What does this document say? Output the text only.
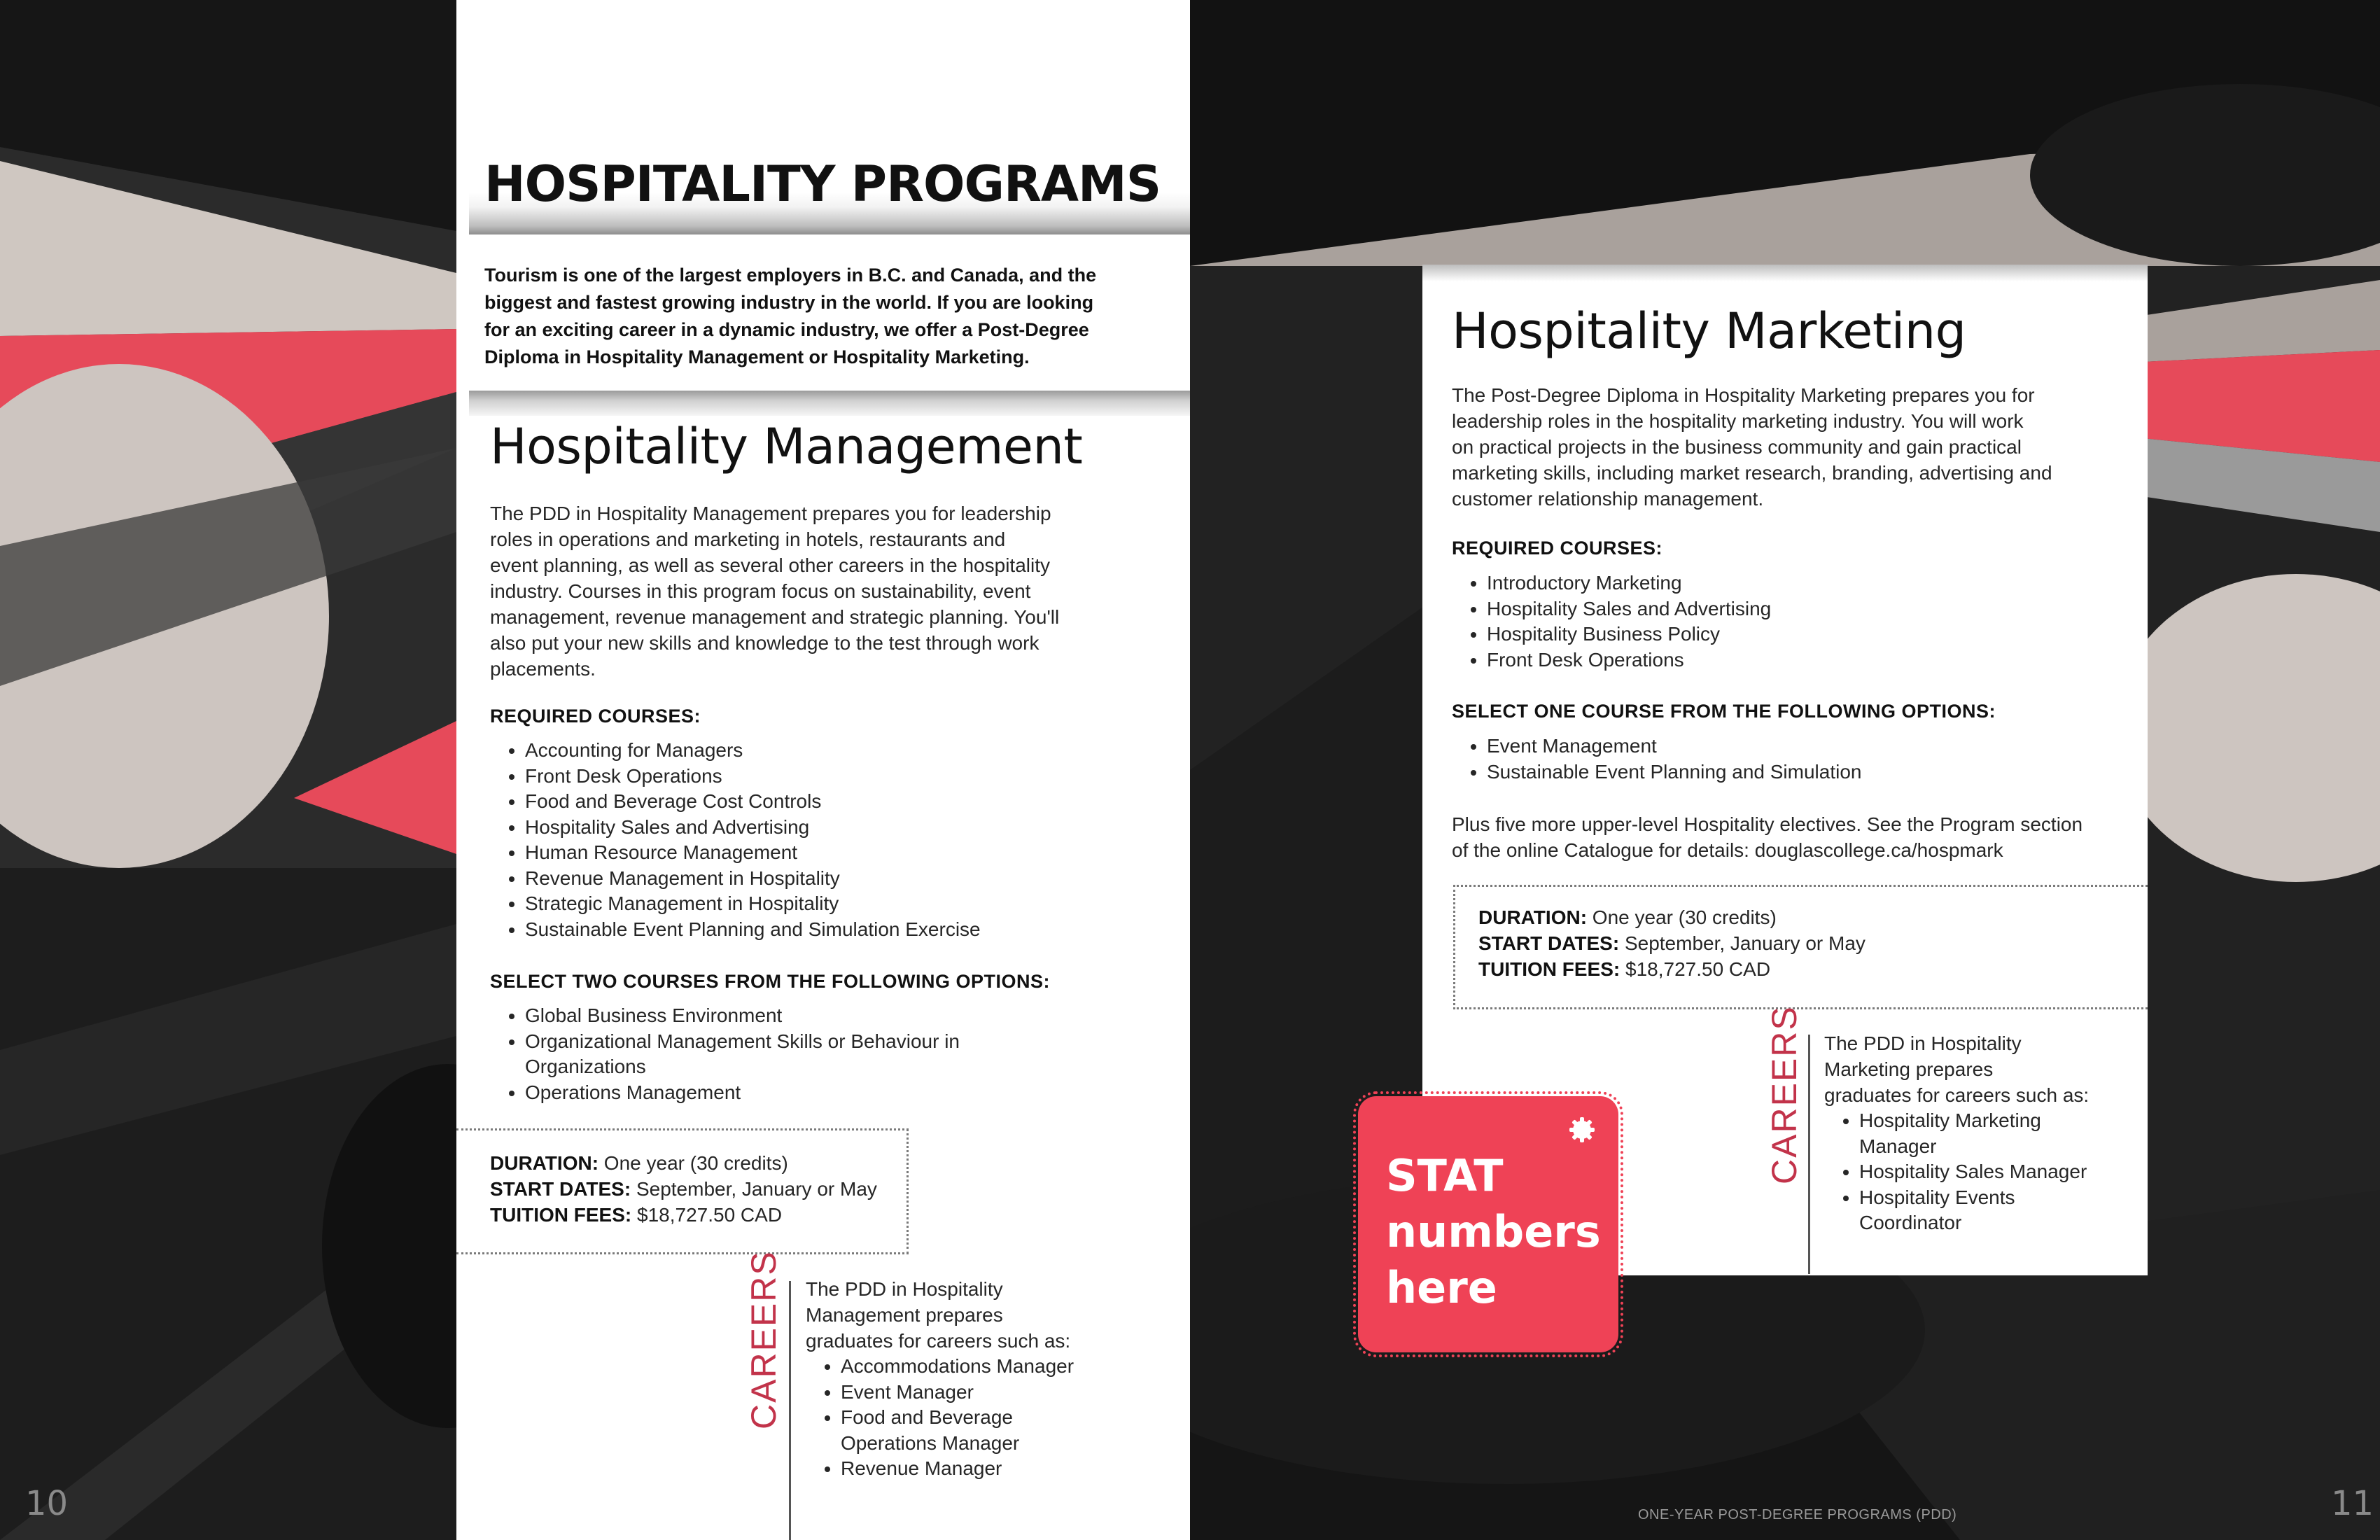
HOSPITALITY PROGRAMS
Tourism is one of the largest employers in B.C. and Canada, and the
biggest and fastest growing industry in the world. If you are looking
for an exciting career in a dynamic industry, we offer a Post-Degree
Diploma in Hospitality Management or Hospitality Marketing.
Hospitality Management
The PDD in Hospitality Management prepares you for leadership
roles in operations and marketing in hotels, restaurants and
event planning, as well as several other careers in the hospitality
industry. Courses in this program focus on sustainability, event
management, revenue management and strategic planning. You'll
also put your new skills and knowledge to the test through work
placements.
REQUIRED COURSES:
• Accounting for Managers
• Front Desk Operations
• Food and Beverage Cost Controls
• Hospitality Sales and Advertising
• Human Resource Management
• Revenue Management in Hospitality
• Strategic Management in Hospitality
• Sustainable Event Planning and Simulation Exercise
SELECT TWO COURSES FROM THE FOLLOWING OPTIONS:
• Global Business Environment
• Organizational Management Skills or Behaviour in Organizations
• Operations Management
DURATION: One year (30 credits)
START DATES: September, January or May
TUITION FEES: $18,727.50 CAD
CAREERS The PDD in Hospitality
Management prepares
graduates for careers such as:
• Accommodations Manager
• Event Manager
• Food and Beverage Operations Manager
• Revenue Manager
10
Hospitality Marketing
The Post-Degree Diploma in Hospitality Marketing prepares you for
leadership roles in the hospitality marketing industry. You will work
on practical projects in the business community and gain practical
marketing skills, including market research, branding, advertising and
customer relationship management.
REQUIRED COURSES:
• Introductory Marketing
• Hospitality Sales and Advertising
• Hospitality Business Policy
• Front Desk Operations
SELECT ONE COURSE FROM THE FOLLOWING OPTIONS:
• Event Management
• Sustainable Event Planning and Simulation
Plus five more upper-level Hospitality electives. See the Program section
of the online Catalogue for details: douglascollege.ca/hospmark
DURATION: One year (30 credits)
START DATES: September, January or May
TUITION FEES: $18,727.50 CAD
CAREERS The PDD in Hospitality
Marketing prepares
graduates for careers such as:
• Hospitality Marketing Manager
• Hospitality Sales Manager
• Hospitality Events Coordinator
STAT
numbers
here
ONE-YEAR POST-DEGREE PROGRAMS (PDD)	11
